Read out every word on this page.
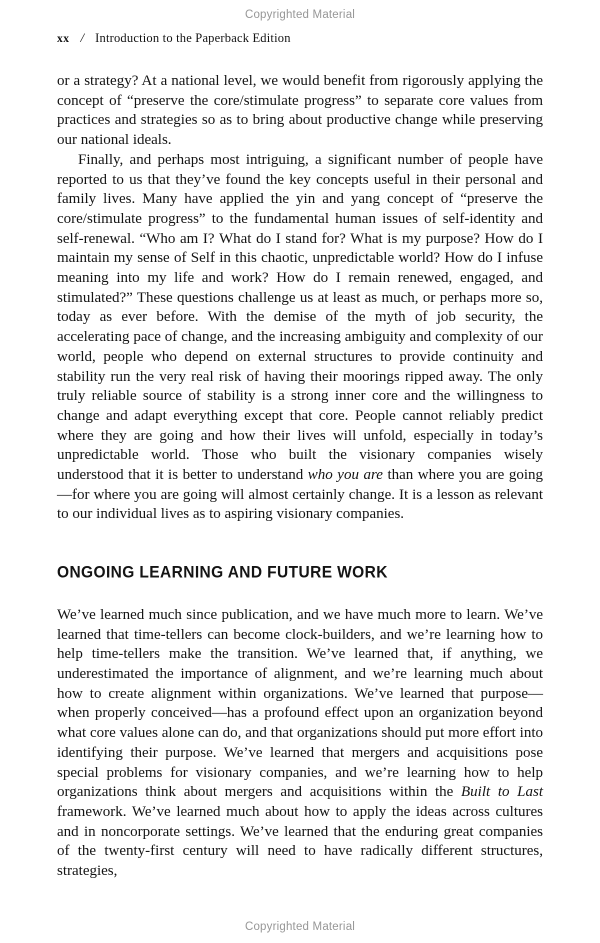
Copyrighted Material
xx / Introduction to the Paperback Edition

or a strategy? At a national level, we would benefit from rigorously applying the concept of “preserve the core/stimulate progress” to separate core values from practices and strategies so as to bring about productive change while preserving our national ideals.

Finally, and perhaps most intriguing, a significant number of people have reported to us that they’ve found the key concepts useful in their personal and family lives. Many have applied the yin and yang concept of “preserve the core/stimulate progress” to the fundamental human issues of self-identity and self-renewal. “Who am I? What do I stand for? What is my purpose? How do I maintain my sense of Self in this chaotic, unpredictable world? How do I infuse meaning into my life and work? How do I remain renewed, engaged, and stimulated?” These questions challenge us at least as much, or perhaps more so, today as ever before. With the demise of the myth of job security, the accelerating pace of change, and the increasing ambiguity and complexity of our world, people who depend on external structures to provide continuity and stability run the very real risk of having their moorings ripped away. The only truly reliable source of stability is a strong inner core and the willingness to change and adapt everything except that core. People cannot reliably predict where they are going and how their lives will unfold, especially in today’s unpredictable world. Those who built the visionary companies wisely understood that it is better to understand who you are than where you are going—for where you are going will almost certainly change. It is a lesson as relevant to our individual lives as to aspiring visionary companies.

ONGOING LEARNING AND FUTURE WORK

We’ve learned much since publication, and we have much more to learn. We’ve learned that time-tellers can become clock-builders, and we’re learning how to help time-tellers make the transition. We’ve learned that, if anything, we underestimated the importance of alignment, and we’re learning much about how to create alignment within organizations. We’ve learned that purpose—when properly conceived—has a profound effect upon an organization beyond what core values alone can do, and that organizations should put more effort into identifying their purpose. We’ve learned that mergers and acquisitions pose special problems for visionary companies, and we’re learning how to help organizations think about mergers and acquisitions within the Built to Last framework. We’ve learned much about how to apply the ideas across cultures and in noncorporate settings. We’ve learned that the enduring great companies of the twenty-first century will need to have radically different structures, strategies,

Copyrighted Material
